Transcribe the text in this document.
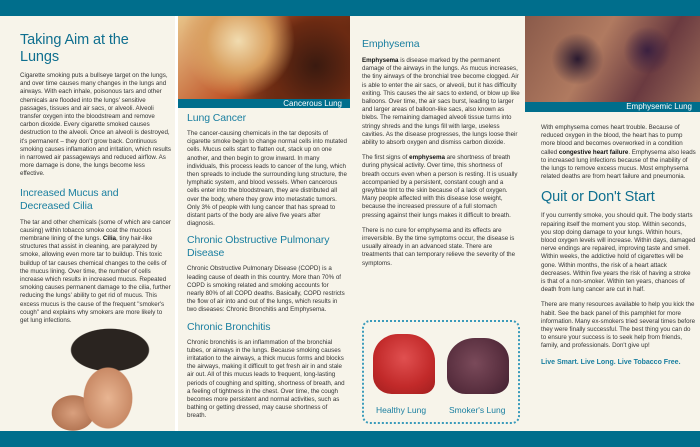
Taking Aim at the Lungs

Cigarette smoking puts a bullseye target on the lungs, and over time causes many changes in the lungs and airways. With each inhale, poisonous tars and other chemicals are flooded into the lungs' sensitive passages, tissues and air sacs, or alveoli. Alveoli transfer oxygen into the bloodstream and remove carbon dioxide. Every cigarette smoked causes destruction to the alveoli. Once an alveoli is destroyed, it's permanent – they don't grow back. Continuous smoking causes inflamation and irritation, which results in narrowed air passageways and reduced airflow. As more damage is done, the lungs become less effective.

Increased Mucus and Decreased Cilia

The tar and other chemicals (some of which are cancer causing) within tobacco smoke coat the mucous membrane lining of the lungs. Cilia, tiny hair-like structures that assist in cleaning, are paralyzed by smoke, allowing even more tar to buildup. This toxic buildup of tar causes chemical changes to the cells of the mucus lining. Over time, the number of cells increase which results in increased mucus. Repeated smoking causes permanent damage to the cilia, further reducing the lungs' ability to get rid of mucus. This excess mucus is the cause of the frequent "smoker's cough" and explains why smokers are more likely to get lung infections.

Cancerous Lung
Lung Cancer

The cancer-causing chemicals in the tar deposits of cigarette smoke begin to change normal cells into mutated cells. Mucus cells start to flatten out, stack up on one another, and then begin to grow inward. In many individuals, this process leads to cancer of the lung, which then spreads to include the surrounding lung structure, the lymphatic system, and blood vessels. When cancerous cells enter into the bloodstream, they are distributed all over the body, where they grow into metastatic tumors. Only 3% of people with lung cancer that has spread to distant parts of the body are alive five years after diagnosis.

Chronic Obstructive Pulmonary Disease

Chronic Obstructive Pulmonary Disease (COPD) is a leading cause of death in this country. More than 70% of COPD is smoking related and smoking accounts for nearly 80% of all COPD deaths. Basically, COPD restricts the flow of air into and out of the lungs, which results in two diseases: Chronic Bronchitis and Emphysema.

Chronic Bronchitis

Chronic bronchitis is an inflammation of the bronchial tubes, or airways in the lungs. Because smoking causes irritatation to the airways, a thick mucus forms and blocks the airways, making it difficult to get fresh air in and stale air out. All of this mucus leads to frequent, long-lasting periods of coughing and spitting, shortness of breath, and a feeling of tightness in the chest. Over time, the cough becomes more persistent and normal activities, such as bathing or getting dressed, may cause shortness of breath.

Emphysema

Emphysema is disease marked by the permanent damage of the airways in the lungs. As mucus increases, the tiny airways of the bronchial tree become clogged. Air is able to enter the air sacs, or alveoli, but it has difficulty exiting. This causes the air sacs to extend, or blow up like balloons. Over time, the air sacs burst, leading to larger and larger areas of balloon-like sacs, also known as blebs. The remaining damaged alveoli tissue turns into stringy shreds and the lungs fill with large, useless cavities. As the disease progresses, the lungs loose their ability to absorb oxygen and dismiss carbon dioxide.

The first signs of emphysema are shortness of breath during physical activity. Over time, this shortness of breath occurs even when a person is resting. It is usually accompanied by a persistent, constant cough and a grey/blue tint to the skin because of a lack of oxygen. Many people affected with this disease lose weight, because the increased pressure of a full stomach pressing against their lungs makes it difficult to breath.

There is no cure for emphysema and its effects are irreversible. By the time symptoms occur, the disease is usually already in an advanced state. There are treatments that can temporary relieve the severity of the symptoms.

Healthy Lung	Smoker's Lung
Emphysemic Lung

With emphysema comes heart trouble. Because of reduced oxygen in the blood, the heart has to pump more blood and becomes overworked in a condition called congestive heart failure. Emphysema also leads to increased lung infections because of the inability of the lungs to remove excess mucus. Most emphysema related deaths are from heart failure and pneumonia.

Quit or Don't Start

If you currently smoke, you should quit. The body starts repairing itself the moment you stop. Within seconds, you stop doing damage to your lungs. Within hours, blood oxygen levels will increase. Within days, damaged nerve endings are repaired, improving taste and smell. Within weeks, the addictive hold of cigarettes will be gone. Within months, the risk of a heart attack decreases. Within five years the risk of having a stroke is that of a non-smoker. Within ten years, chances of death from lung cancer are cut in half.

There are many resources available to help you kick the habit. See the back panel of this pamphlet for more information. Many ex-smokers tried several times before they were finally successful. The best thing you can do to ensure your success is to seek help from friends, family, and professionals. Don't give up!

Live Smart. Live Long. Live Tobacco Free.
